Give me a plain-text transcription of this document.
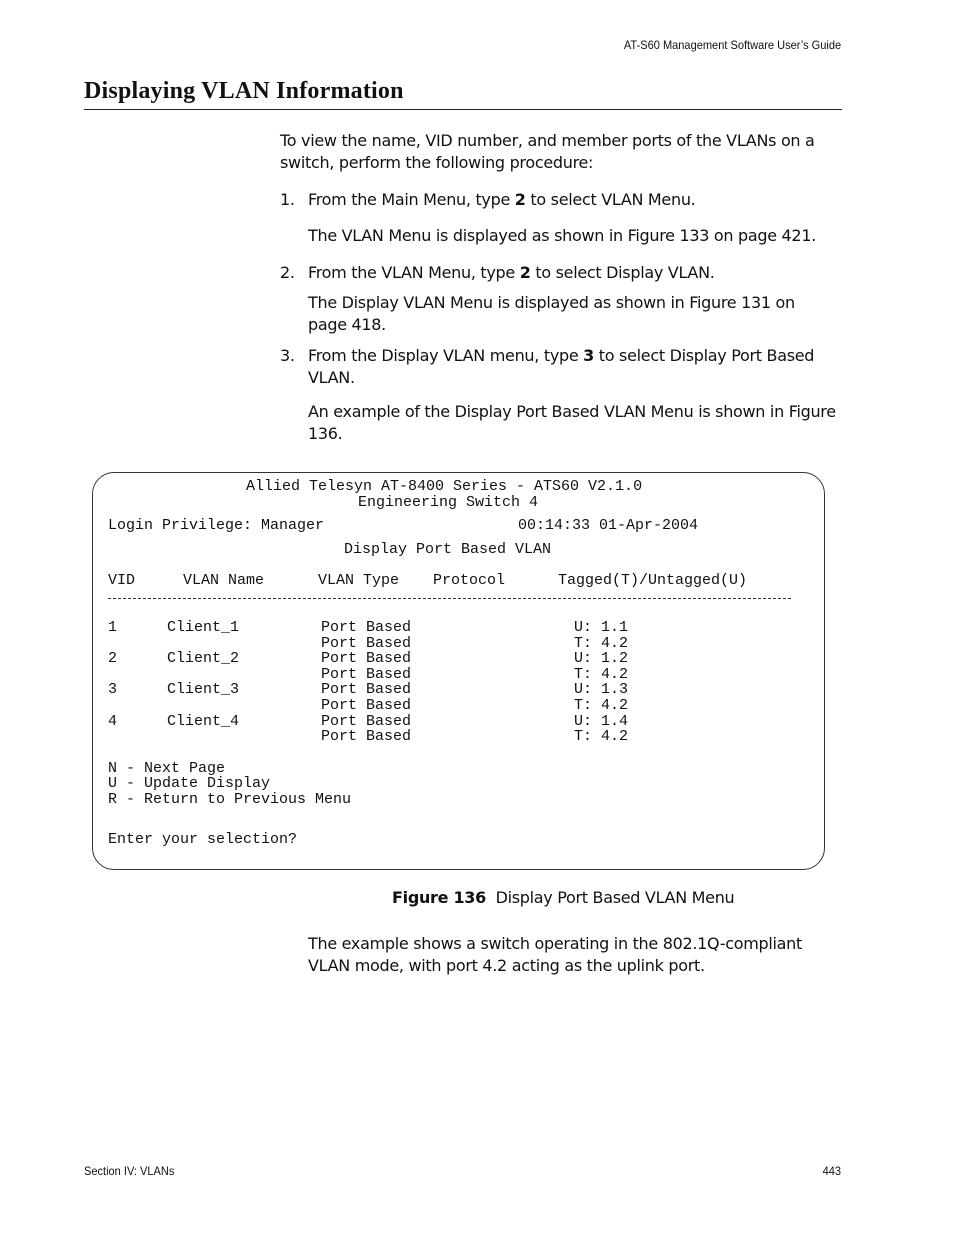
AT-S60 Management Software User’s Guide
Displaying VLAN Information

To view the name, VID number, and member ports of the VLANs on a switch, perform the following procedure:

1. From the Main Menu, type 2 to select VLAN Menu.

The VLAN Menu is displayed as shown in Figure 133 on page 421.

2. From the VLAN Menu, type 2 to select Display VLAN.

The Display VLAN Menu is displayed as shown in Figure 131 on page 418.

3. From the Display VLAN menu, type 3 to select Display Port Based VLAN.

An example of the Display Port Based VLAN Menu is shown in Figure 136.

Allied Telesyn AT-8400 Series - ATS60 V2.1.0
Engineering Switch 4
Login Privilege: Manager	00:14:33 01-Apr-2004
Display Port Based VLAN
VID	VLAN Name	VLAN Type Protocol	Tagged(T)/Untagged(U)
1	Client_1	Port Based	U: 1.1
Port Based	T: 4.2
2	Client_2	Port Based	U: 1.2
Port Based	T: 4.2
3	Client_3	Port Based	U: 1.3
Port Based	T: 4.2
4	Client_4	Port Based	U: 1.4
Port Based	T: 4.2
N - Next Page
U - Update Display
R - Return to Previous Menu
Enter your selection?
Figure 136 Display Port Based VLAN Menu

The example shows a switch operating in the 802.1Q-compliant VLAN mode, with port 4.2 acting as the uplink port.

Section IV: VLANs	443
